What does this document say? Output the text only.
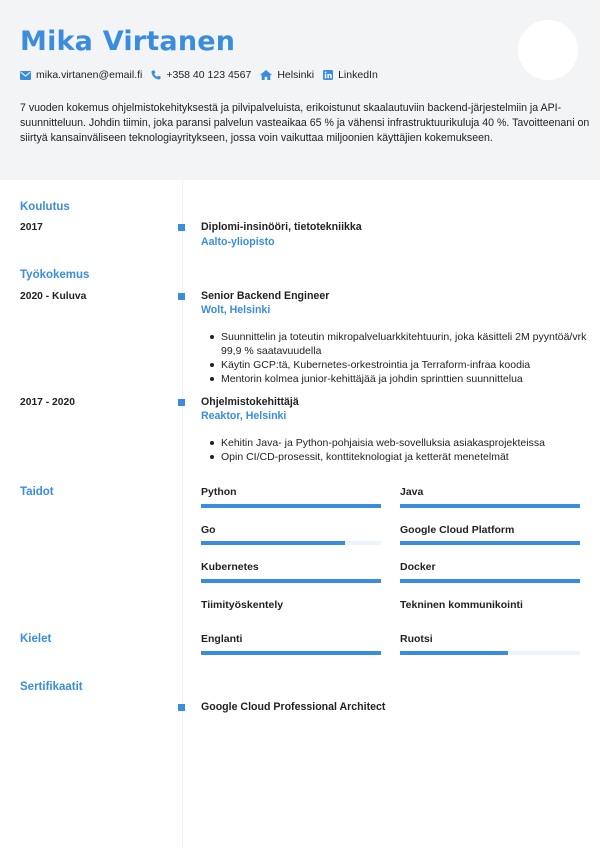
Mika Virtanen
mika.virtanen@email.fi +358 40 123 4567 Helsinki LinkedIn
7 vuoden kokemus ohjelmistokehityksestä ja pilvipalveluista, erikoistunut skaalautuviin backend-järjestelmiin ja API-suunnitteluun. Johdin tiimin, joka paransi palvelun vasteaikaa 65 % ja vähensi infrastruktuurikuluja 40 %. Tavoitteenani on siirtyä kansainväliseen teknologiayritykseen, jossa voin vaikuttaa miljoonien käyttäjien kokemukseen.
Koulutus
2017	Diplomi-insinööri, tietotekniikka
Aalto-yliopisto
Työkokemus
2020 - Kuluva	Senior Backend Engineer
Wolt, Helsinki
Suunnittelin ja toteutin mikropalveluarkkitehtuurin, joka käsitteli 2M pyyntöä/vrk 99,9 % saatavuudella
Käytin GCP:tä, Kubernetes-orkestrointia ja Terraform-infraa koodia
Mentorin kolmea junior-kehittäjää ja johdin sprinttien suunnittelua
2017 - 2020	Ohjelmistokehittäjä
Reaktor, Helsinki
Kehitin Java- ja Python-pohjaisia web-sovelluksia asiakasprojekteissa
Opin CI/CD-prosessit, konttiteknologiat ja ketterät menetelmät
Taidot	Python	Java
Go	Google Cloud Platform
Kubernetes	Docker
Tiimityöskentely	Tekninen kommunikointi
Kielet	Englanti	Ruotsi
Sertifikaatit
Google Cloud Professional Architect
